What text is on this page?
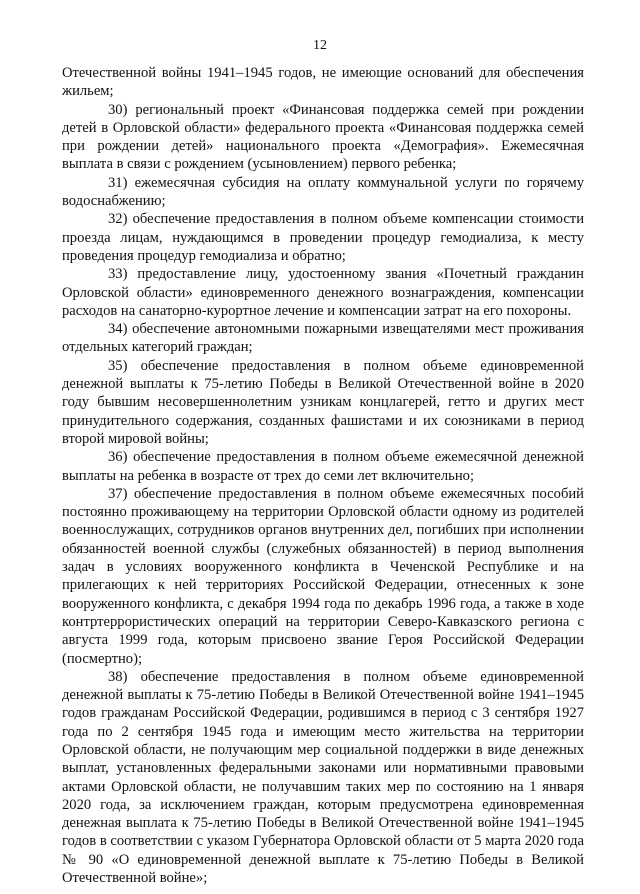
12

Отечественной войны 1941–1945 годов, не имеющие оснований для обеспечения жильем;

30) региональный проект «Финансовая поддержка семей при рождении детей в Орловской области» федерального проекта «Финансовая поддержка семей при рождении детей» национального проекта «Демография». Ежемесячная выплата в связи с рождением (усыновлением) первого ребенка;

31) ежемесячная субсидия на оплату коммунальной услуги по горячему водоснабжению;

32) обеспечение предоставления в полном объеме компенсации стоимости проезда лицам, нуждающимся в проведении процедур гемодиализа, к месту проведения процедур гемодиализа и обратно;

33) предоставление лицу, удостоенному звания «Почетный гражданин Орловской области» единовременного денежного вознаграждения, компенсации расходов на санаторно-курортное лечение и компенсации затрат на его похороны.

34) обеспечение автономными пожарными извещателями мест проживания отдельных категорий граждан;

35) обеспечение предоставления в полном объеме единовременной денежной выплаты к 75-летию Победы в Великой Отечественной войне в 2020 году бывшим несовершеннолетним узникам концлагерей, гетто и других мест принудительного содержания, созданных фашистами и их союзниками в период второй мировой войны;

36) обеспечение предоставления в полном объеме ежемесячной денежной выплаты на ребенка в возрасте от трех до семи лет включительно;

37) обеспечение предоставления в полном объеме ежемесячных пособий постоянно проживающему на территории Орловской области одному из родителей военнослужащих, сотрудников органов внутренних дел, погибших при исполнении обязанностей военной службы (служебных обязанностей) в период выполнения задач в условиях вооруженного конфликта в Чеченской Республике и на прилегающих к ней территориях Российской Федерации, отнесенных к зоне вооруженного конфликта, с декабря 1994 года по декабрь 1996 года, а также в ходе контртеррористических операций на территории Северо-Кавказского региона с августа 1999 года, которым присвоено звание Героя Российской Федерации (посмертно);

38) обеспечение предоставления в полном объеме единовременной денежной выплаты к 75-летию Победы в Великой Отечественной войне 1941–1945 годов гражданам Российской Федерации, родившимся в период с 3 сентября 1927 года по 2 сентября 1945 года и имеющим место жительства на территории Орловской области, не получающим мер социальной поддержки в виде денежных выплат, установленных федеральными законами или нормативными правовыми актами Орловской области, не получавшим таких мер по состоянию на 1 января 2020 года, за исключением граждан, которым предусмотрена единовременная денежная выплата к 75-летию Победы в Великой Отечественной войне 1941–1945 годов в соответствии с указом Губернатора Орловской области от 5 марта 2020 года № 90 «О единовременной денежной выплате к 75-летию Победы в Великой Отечественной войне»;
